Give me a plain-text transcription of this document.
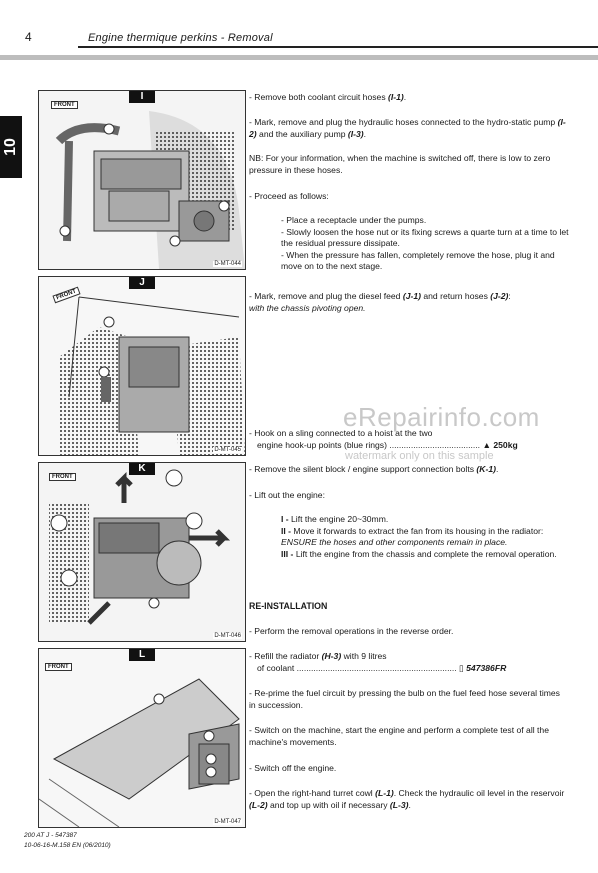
4	Engine thermique perkins - Removal
10
I
FRONT
D-MT-044
J
FRONT
D-MT-045
K
FRONT
D-MT-046
L
FRONT
D-MT-047

- Remove both coolant circuit hoses (I-1).

- Mark, remove and plug the hydraulic hoses connected to the hydro-static pump (I-2) and the auxiliary pump (I-3).

NB: For your information, when the machine is switched off, there is low to zero pressure in these hoses.

- Proceed as follows:

- Place a receptacle under the pumps.

- Slowly loosen the hose nut or its fixing screws a quarte turn at a time to let the residual pressure dissipate.

- When the pressure has fallen, completely remove the hose, plug it and move on to the next stage.

- Mark, remove and plug the diesel feed (J-1) and return hoses (J-2):

with the chassis pivoting open.

- Hook on a sling connected to a hoist at the two

engine hook-up points (blue rings) ...................................... ▲ 250kg

- Remove the silent block / engine support connection bolts (K-1).

- Lift out the engine:

I - Lift the engine 20~30mm.

II - Move it forwards to extract the fan from its housing in the radiator: ENSURE the hoses and other components remain in place.

III - Lift the engine from the chassis and complete the removal operation.

RE-INSTALLATION

- Perform the removal operations in the reverse order.

- Refill the radiator (H-3) with 9 litres

of coolant ................................................................... ▯ 547386FR

- Re-prime the fuel circuit by pressing the bulb on the fuel feed hose several times in succession.

- Switch on the machine, start the engine and perform a complete test of all the machine's movements.

- Switch off the engine.

- Open the right-hand turret cowl (L-1). Check the hydraulic oil level in the reservoir (L-2) and top up with oil if necessary (L-3).

eRepairinfo.com
watermark only on this sample
200 AT J - 547387
10-06-16-M.158 EN (06/2010)
